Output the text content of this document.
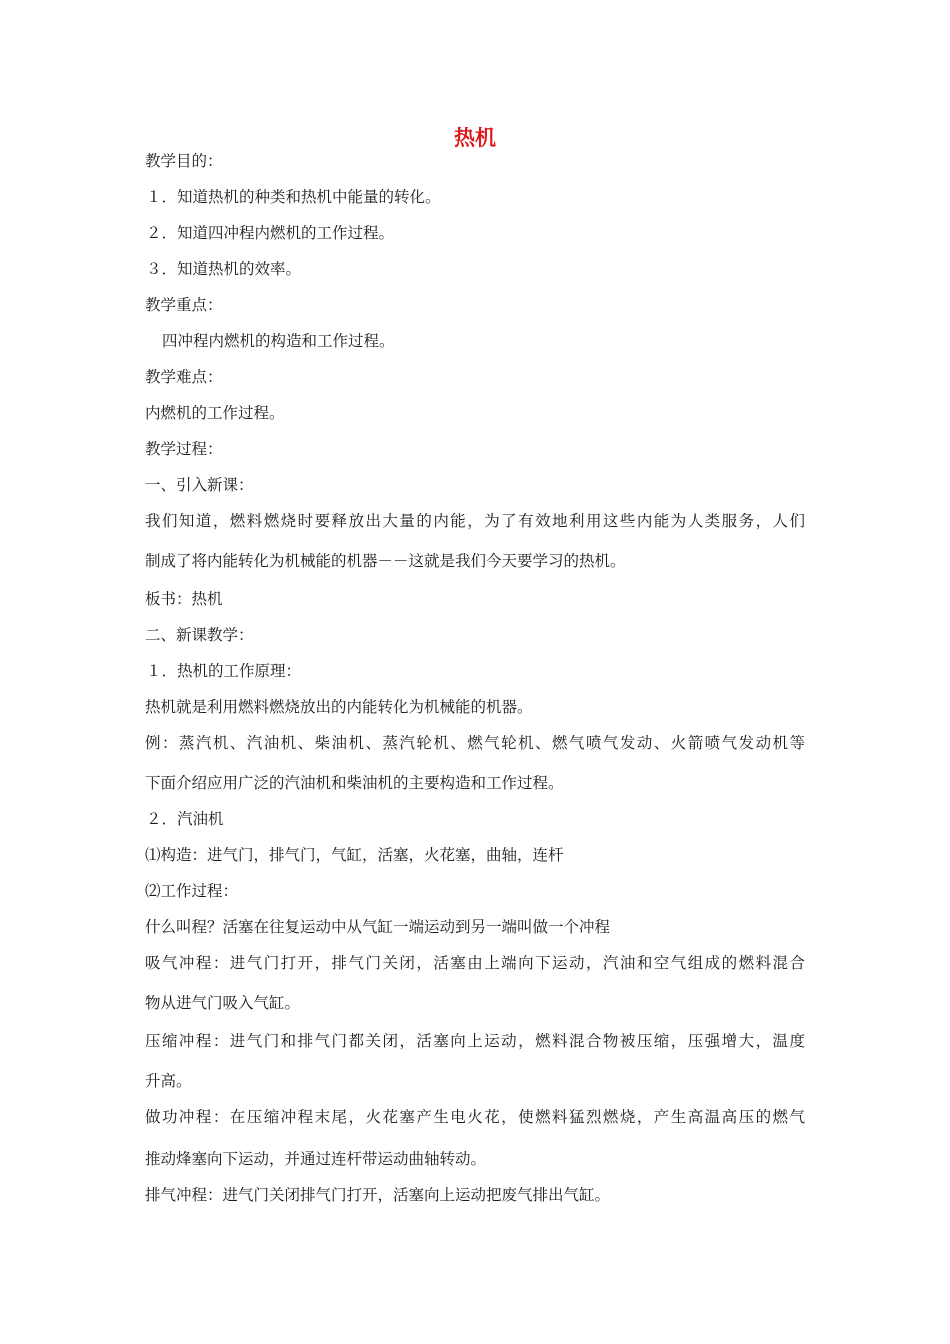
热机
教学目的：
１．知道热机的种类和热机中能量的转化。
２．知道四冲程内燃机的工作过程。
３．知道热机的效率。
教学重点：
四冲程内燃机的构造和工作过程。
教学难点：
内燃机的工作过程。
教学过程：
一、引入新课：
我们知道，燃料燃烧时要释放出大量的内能，为了有效地利用这些内能为人类服务，人们
制成了将内能转化为机械能的机器－－这就是我们今天要学习的热机。
板书：热机
二、新课教学：
１．热机的工作原理：
热机就是利用燃料燃烧放出的内能转化为机械能的机器。
例：蒸汽机、汽油机、柴油机、蒸汽轮机、燃气轮机、燃气喷气发动、火箭喷气发动机等
下面介绍应用广泛的汽油机和柴油机的主要构造和工作过程。
２．汽油机
⑴构造：进气门，排气门，气缸，活塞，火花塞，曲轴，连杆
⑵工作过程：
什么叫程？活塞在往复运动中从气缸一端运动到另一端叫做一个冲程
吸气冲程：进气门打开，排气门关闭，活塞由上端向下运动，汽油和空气组成的燃料混合
物从进气门吸入气缸。
压缩冲程：进气门和排气门都关闭，活塞向上运动，燃料混合物被压缩，压强增大，温度
升高。
做功冲程：在压缩冲程末尾，火花塞产生电火花，使燃料猛烈燃烧，产生高温高压的燃气
推动烽塞向下运动，并通过连杆带运动曲轴转动。
排气冲程：进气门关闭排气门打开，活塞向上运动把废气排出气缸。
